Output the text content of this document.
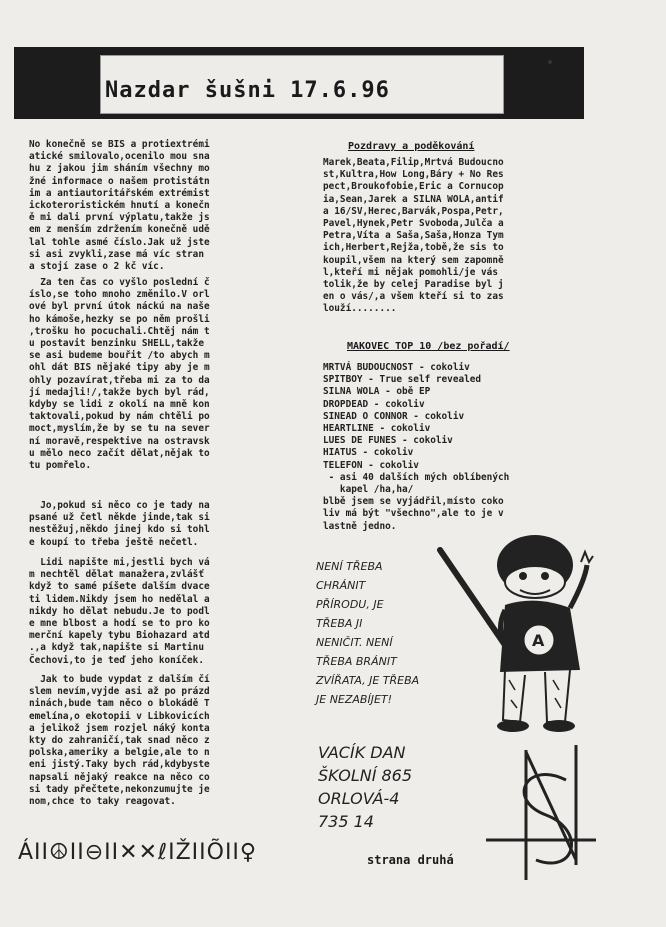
Nazdar šušni 17.6.96
No konečně se BIS a protiextrémi
atické smilovalo,ocenilo mou sna
hu z jakou jim sháním všechny mo
žné informace o našem protistátn
im a antiautoritářském extrémist
ickoteroristickém hnutí a konečn
ě mi dali první výplatu,takže js
em z menším zdržením konečně udě
lal tohle asmé číslo.Jak už jste
si asi zvykli,zase má víc stran
a stojí zase o 2 kč víc.
Za ten čas co vyšlo poslední č
íslo,se toho mnoho změnilo.V orl
ové byl první útok náckú na naše
ho kámoše,hezky se po něm prošli
,trošku ho pocuchali.Chtěj nám t
u postavit benzinku SHELL,takže
se asi budeme bouřit /to abych m
ohl dát BIS nějaké tipy aby je m
ohly pozavírat,třeba mi za to da
jí medajli!/,takže bych byl rád,
kdyby se lidi z okolí na mně kon
taktovali,pokud by nám chtěli po
moct,myslím,že by se tu na sever
ní moravě,respektive na ostravsk
u mělo neco začít dělat,nějak to
tu pomřelo.
Jo,pokud si něco co je tady na
psané už četl někde jinde,tak si
nestěžuj,někdo jinej kdo si tohl
e koupí to třeba ještě nečetl.
Lidi napište mi,jestli bych vá
m nechtěl dělat manažera,zvlášť
když to samé píšete dalším dvace
ti lidem.Nikdy jsem ho nedělal a
nikdy ho dělat nebudu.Je to podl
e mne blbost a hodí se to pro ko
merční kapely tybu Biohazard atd
.,a když tak,napište si Martinu
Čechovi,to je teď jeho koníček.
Jak to bude vypdat z dalším čí
slem nevím,vyjde asi až po prázd
ninách,bude tam něco o blokádě T
emelína,o ekotopii v Libkovicích
a jelikož jsem rozjel náký konta
kty do zahraničí,tak snad něco z
polska,ameriky a belgie,ale to n
eni jistý.Taky bych rád,kdybyste
napsali nějaký reakce na něco co
si tady přečtete,nekonzumujte je
nom,chce to taky reagovat.
Pozdravy a poděkování
Marek,Beata,Filip,Mrtvá Budoucno
st,Kultra,How Long,Báry + No Res
pect,Broukofobie,Eric a Cornucop
ia,Sean,Jarek a SILNA WOLA,antif
a 16/SV,Herec,Barvák,Pospa,Petr,
Pavel,Hynek,Petr Svoboda,Julča a
Petra,Víta a Saša,Saša,Honza Tym
ich,Herbert,Rejža,tobě,že sis to
koupil,všem na který sem zapomně
l,kteří mi nějak pomohli/je vás
tolik,že by celej Paradise byl j
en o vás/,a všem kteří si to zas
louží........
MAKOVEC TOP 10 /bez pořadí/
MRTVÁ BUDOUCNOST - cokoliv
SPITBOY - True self revealed
SILNA WOLA - obě EP
DROPDEAD - cokoliv
SINEAD O CONNOR - cokoliv
HEARTLINE - cokoliv
LUES DE FUNES - cokoliv
HIATUS - cokoliv
TELEFON - cokoliv
- asi 40 dalších mých oblíbených
kapel /ha,ha/
blbě jsem se vyjádřil,místo coko
liv má být "všechno",ale to je v
lastně jedno.
NENÍ TŘEBA
CHRÁNIT
PŘÍRODU, JE
TŘEBA JI
NENIČIT. NENÍ
TŘEBA BRÁNIT
ZVÍŘATA, JE TŘEBA
JE NEZABÍJET!
A
VACÍK DAN
ŠKOLNÍ 865
ORLOVÁ-4
735 14
ÁII☮II⊖II✕✕ℓIŽIIÕII♀	strana druhá
